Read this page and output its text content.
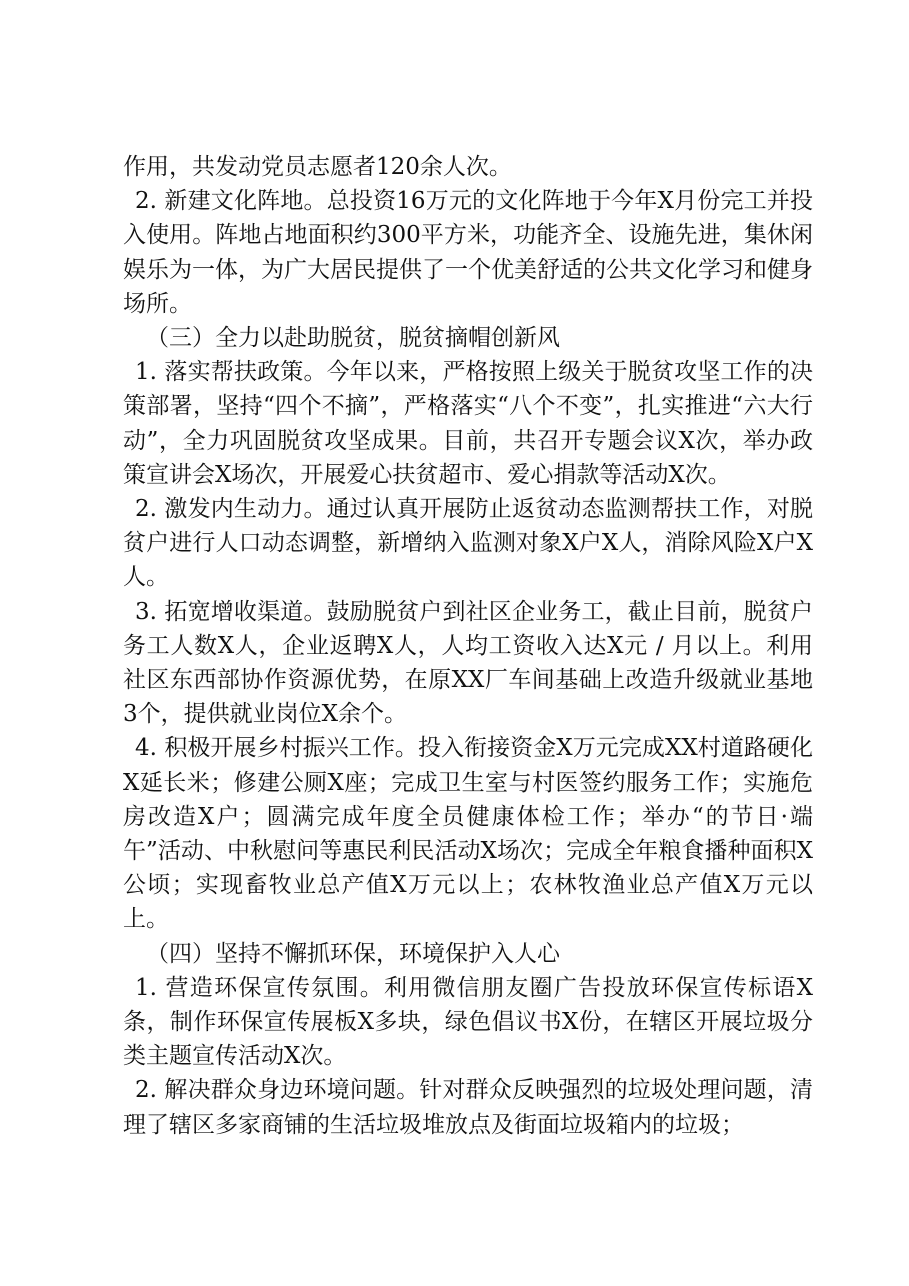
作用，共发动党员志愿者120余人次。

2. 新建文化阵地。总投资16万元的文化阵地于今年X月份完工并投入使用。阵地占地面积约300平方米，功能齐全、设施先进，集休闲娱乐为一体，为广大居民提供了一个优美舒适的公共文化学习和健身场所。

（三）全力以赴助脱贫，脱贫摘帽创新风

1. 落实帮扶政策。今年以来，严格按照上级关于脱贫攻坚工作的决策部署，坚持“四个不摘”，严格落实“八个不变”，扎实推进“六大行动”，全力巩固脱贫攻坚成果。目前，共召开专题会议X次，举办政策宣讲会X场次，开展爱心扶贫超市、爱心捐款等活动X次。

2. 激发内生动力。通过认真开展防止返贫动态监测帮扶工作，对脱贫户进行人口动态调整，新增纳入监测对象X户X人，消除风险X户X人。

3. 拓宽增收渠道。鼓励脱贫户到社区企业务工，截止目前，脱贫户务工人数X人，企业返聘X人，人均工资收入达X元 / 月以上。利用社区东西部协作资源优势，在原XX厂车间基础上改造升级就业基地3个，提供就业岗位X余个。

4. 积极开展乡村振兴工作。投入衔接资金X万元完成XX村道路硬化X延长米；修建公厕X座；完成卫生室与村医签约服务工作；实施危房改造X户；圆满完成年度全员健康体检工作；举办“的节日·端午”活动、中秋慰问等惠民利民活动X场次；完成全年粮食播种面积X公顷；实现畜牧业总产值X万元以上；农林牧渔业总产值X万元以上。

（四）坚持不懈抓环保，环境保护入人心

1. 营造环保宣传氛围。利用微信朋友圈广告投放环保宣传标语X条，制作环保宣传展板X多块，绿色倡议书X份，在辖区开展垃圾分类主题宣传活动X次。

2. 解决群众身边环境问题。针对群众反映强烈的垃圾处理问题，清理了辖区多家商铺的生活垃圾堆放点及街面垃圾箱内的垃圾；
